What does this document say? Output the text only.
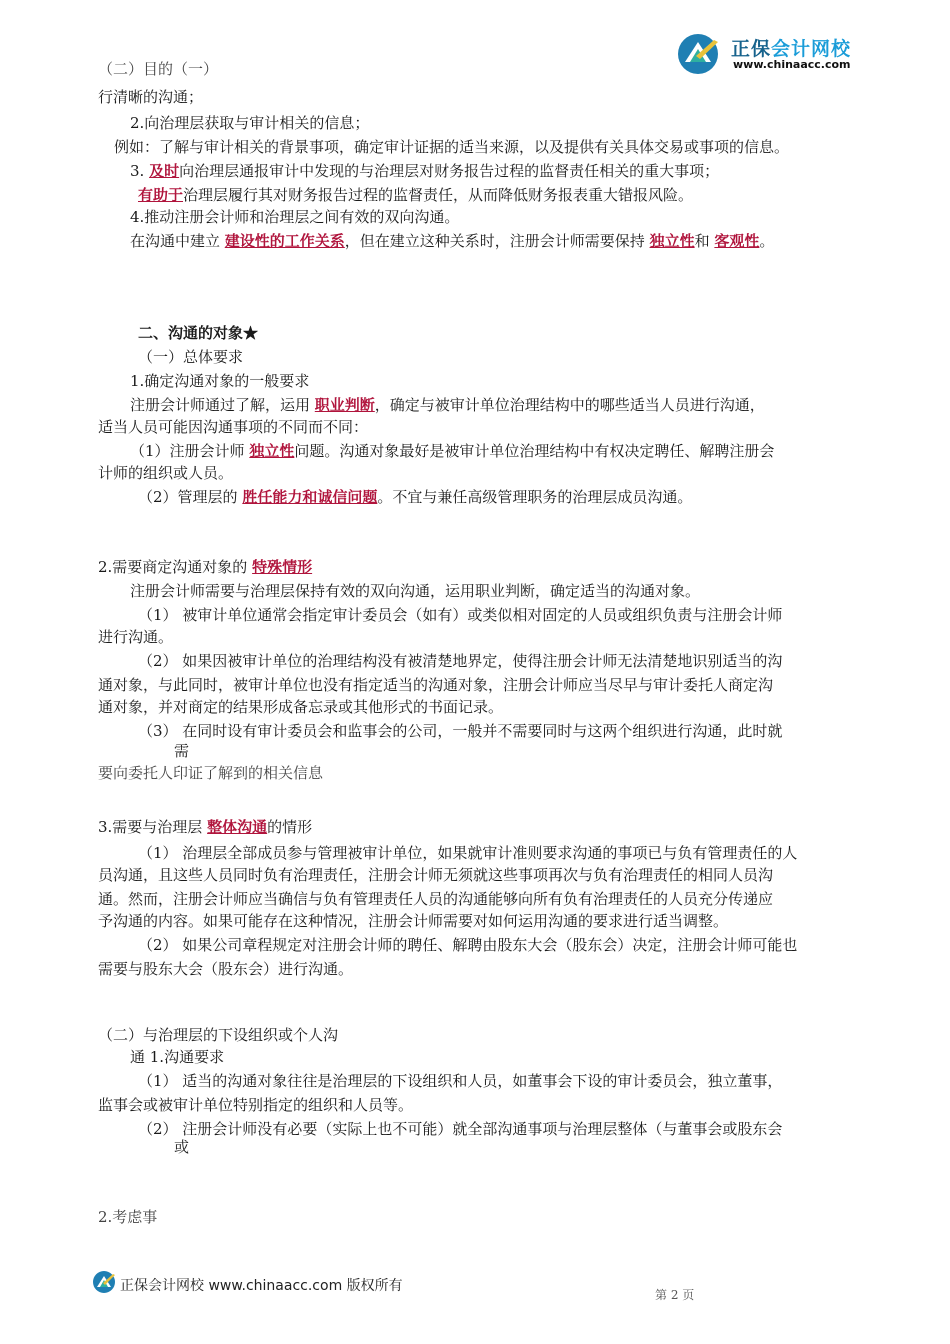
正保会计网校
www.chinaacc.com
（二）目的（一）
行清晰的沟通；
2.向治理层获取与审计相关的信息；
例如：了解与审计相关的背景事项，确定审计证据的适当来源，以及提供有关具体交易或事项的信息。
3. 及时向治理层通报审计中发现的与治理层对财务报告过程的监督责任相关的重大事项；
有助于治理层履行其对财务报告过程的监督责任，从而降低财务报表重大错报风险。
4.推动注册会计师和治理层之间有效的双向沟通。
在沟通中建立 建设性的工作关系，但在建立这种关系时，注册会计师需要保持 独立性和 客观性。
二、沟通的对象★
（一）总体要求
1.确定沟通对象的一般要求
注册会计师通过了解，运用 职业判断，确定与被审计单位治理结构中的哪些适当人员进行沟通，
适当人员可能因沟通事项的不同而不同：
（1）注册会计师 独立性问题。沟通对象最好是被审计单位治理结构中有权决定聘任、解聘注册会
计师的组织或人员。
（2）管理层的 胜任能力和诚信问题。不宜与兼任高级管理职务的治理层成员沟通。
2.需要商定沟通对象的 特殊情形
注册会计师需要与治理层保持有效的双向沟通，运用职业判断，确定适当的沟通对象。
（1） 被审计单位通常会指定审计委员会（如有）或类似相对固定的人员或组织负责与注册会计师
进行沟通。
（2） 如果因被审计单位的治理结构没有被清楚地界定，使得注册会计师无法清楚地识别适当的沟
通对象，与此同时，被审计单位也没有指定适当的沟通对象，注册会计师应当尽早与审计委托人商定沟
通对象，并对商定的结果形成备忘录或其他形式的书面记录。
（3） 在同时设有审计委员会和监事会的公司，一般并不需要同时与这两个组织进行沟通，此时就
需
要向委托人印证了解到的相关信息
3.需要与治理层 整体沟通的情形
（1） 治理层全部成员参与管理被审计单位，如果就审计准则要求沟通的事项已与负有管理责任的人
员沟通，且这些人员同时负有治理责任，注册会计师无须就这些事项再次与负有治理责任的相同人员沟
通。然而，注册会计师应当确信与负有管理责任人员的沟通能够向所有负有治理责任的人员充分传递应
予沟通的内容。如果可能存在这种情况，注册会计师需要对如何运用沟通的要求进行适当调整。
（2） 如果公司章程规定对注册会计师的聘任、解聘由股东大会（股东会）决定，注册会计师可能也
需要与股东大会（股东会）进行沟通。
（二）与治理层的下设组织或个人沟
通 1.沟通要求
（1） 适当的沟通对象往往是治理层的下设组织和人员，如董事会下设的审计委员会，独立董事，
监事会或被审计单位特别指定的组织和人员等。
（2） 注册会计师没有必要（实际上也不可能）就全部沟通事项与治理层整体（与董事会或股东会
或
2.考虑事
正保会计网校 www.chinaacc.com 版权所有
第 2 页
